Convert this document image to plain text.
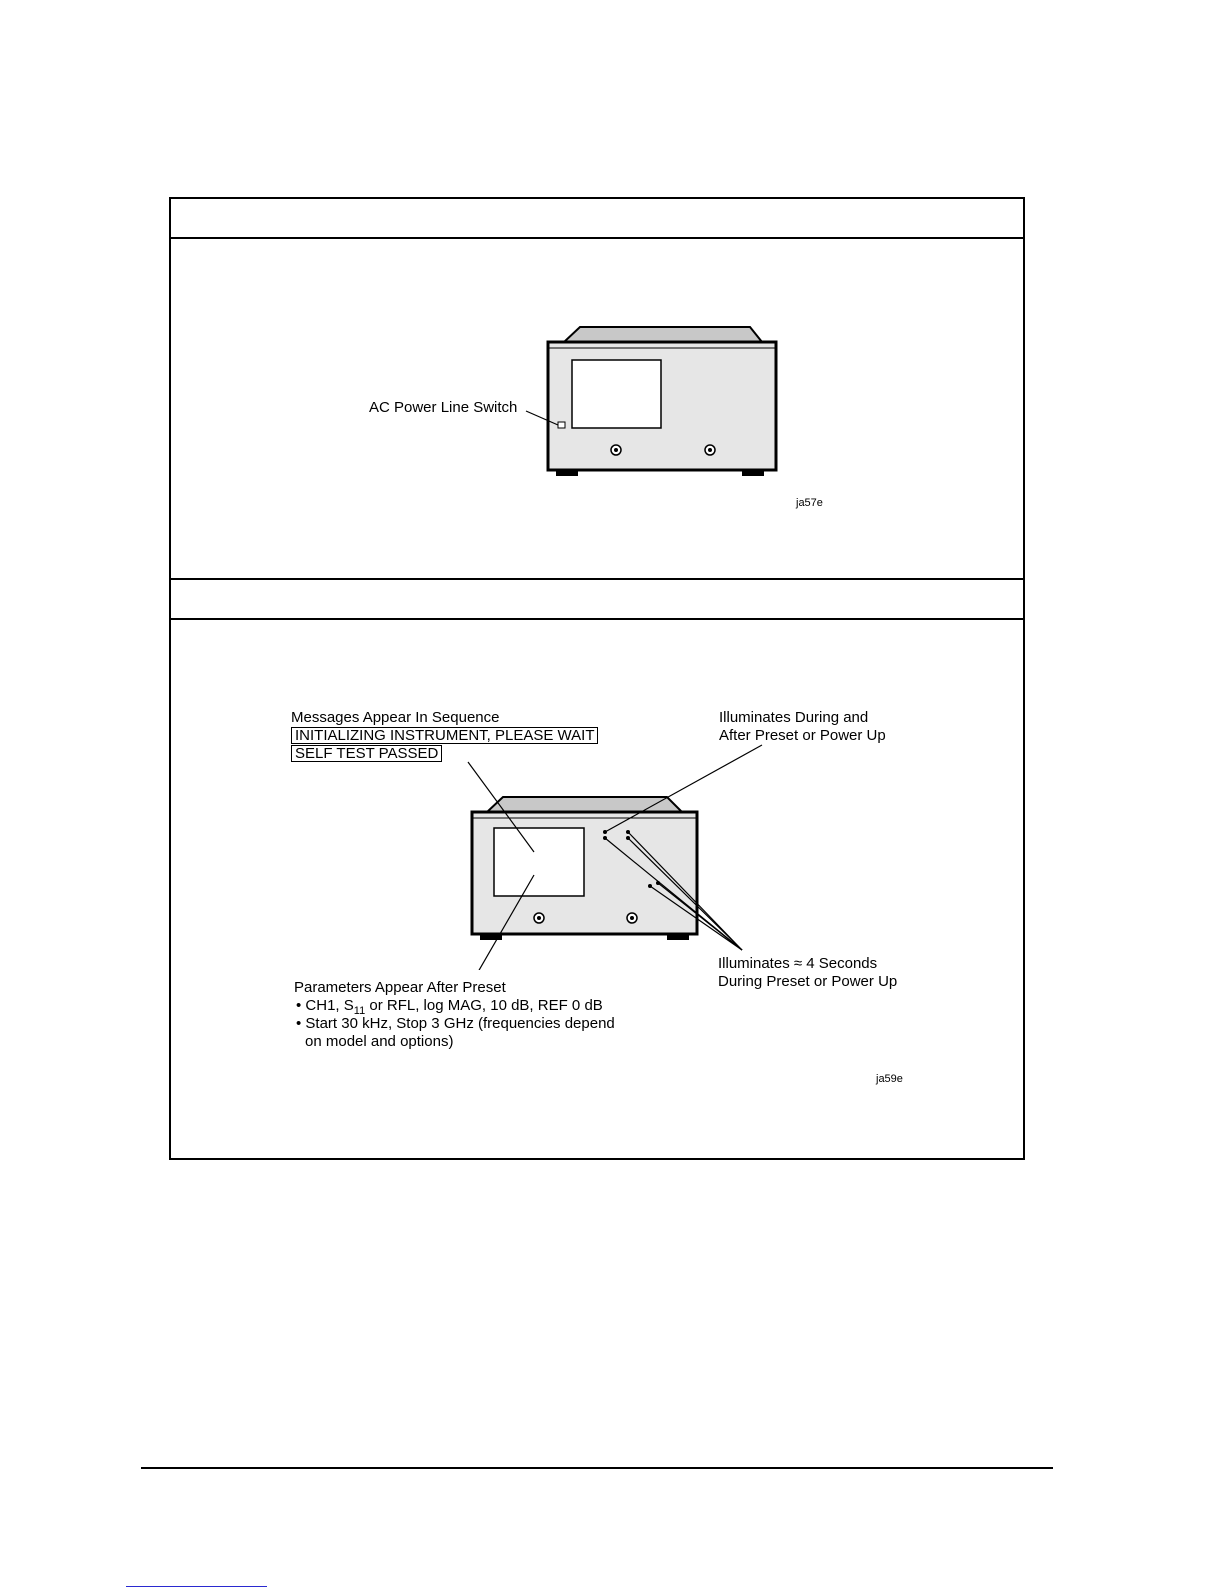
AC Power Line Switch
ja57e
Messages Appear In Sequence
INITIALIZING INSTRUMENT, PLEASE WAIT
SELF TEST PASSED
Illuminates During and
After Preset or Power Up
Illuminates ≈ 4 Seconds
During Preset or Power Up
Parameters Appear After Preset
• CH1, $S_{11}$ or RFL, log MAG, 10 dB, REF 0 dB
• Start 30 kHz, Stop 3 GHz (frequencies depend
on model and options)
ja59e
